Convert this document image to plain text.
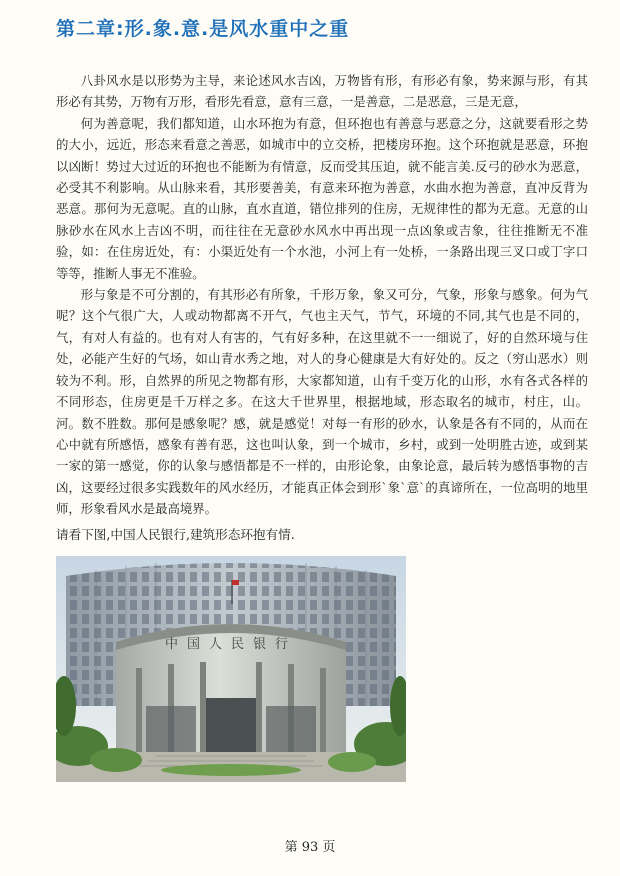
第二章:形.象.意.是风水重中之重

八卦风水是以形势为主导，来论述风水吉凶，万物皆有形，有形必有象，势来源与形，有其形必有其势，万物有万形，看形先看意，意有三意，一是善意，二是恶意，三是无意，

何为善意呢，我们都知道，山水环抱为有意，但环抱也有善意与恶意之分，这就要看形之势的大小，远近，形态来看意之善恶，如城市中的立交桥，把楼房环抱。这个环抱就是恶意，环抱以凶断！势过大过近的环抱也不能断为有情意，反而受其压迫，就不能言美.反弓的砂水为恶意，必受其不利影响。从山脉来看，其形要善美，有意来环抱为善意，水曲水抱为善意，直冲反背为恶意。那何为无意呢。直的山脉，直水直道，错位排列的住房，无规律性的都为无意。无意的山脉砂水在风水上吉凶不明，而往往在无意砂水风水中再出现一点凶象或吉象，往往推断无不准验，如：在住房近处，有：小渠近处有一个水池，小河上有一处桥，一条路出现三叉口或丁字口等等，推断人事无不准验。

形与象是不可分割的，有其形必有所象，千形万象，象又可分，气象，形象与感象。何为气呢？这个气很广大，人或动物都离不开气，气也主天气，节气，环境的不同,其气也是不同的，气，有对人有益的。也有对人有害的，气有好多种，在这里就不一一细说了，好的自然环境与住处，必能产生好的气场，如山青水秀之地，对人的身心健康是大有好处的。反之（穷山恶水）则较为不利。形，自然界的所见之物都有形，大家都知道，山有千变万化的山形，水有各式各样的不同形态，住房更是千万样之多。在这大千世界里，根据地域，形态取名的城市，村庄，山。河。数不胜数。那何是感象呢？感，就是感觉！对每一有形的砂水，认象是各有不同的，从而在心中就有所感悟，感象有善有恶，这也叫认象，到一个城市，乡村，或到一处明胜古迹，或到某一家的第一感觉，你的认象与感悟都是不一样的，由形论象，由象论意，最后转为感悟事物的吉凶，这要经过很多实践数年的风水经历，才能真正体会到形`象`意`的真谛所在，一位高明的地里师，形象看风水是最高境界。

请看下图,中国人民银行,建筑形态环抱有情.

中国人民银行

第 93 页
